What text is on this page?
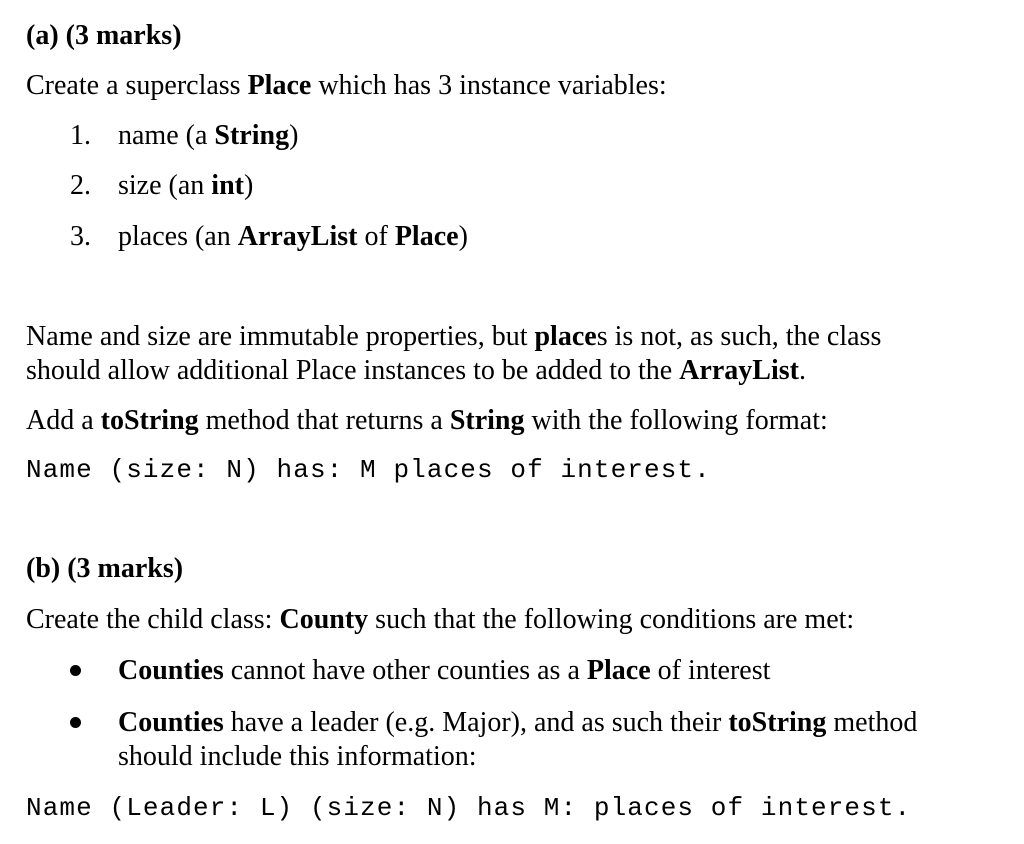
(a) (3 marks)
Create a superclass Place which has 3 instance variables:
1. name (a String)
2. size (an int)
3. places (an ArrayList of Place)
Name and size are immutable properties, but places is not, as such, the class
should allow additional Place instances to be added to the ArrayList.
Add a toString method that returns a String with the following format:
Name (size: N) has: M places of interest.
(b) (3 marks)
Create the child class: County such that the following conditions are met:
Counties cannot have other counties as a Place of interest
Counties have a leader (e.g. Major), and as such their toString method
should include this information:
Name (Leader: L) (size: N) has M: places of interest.
